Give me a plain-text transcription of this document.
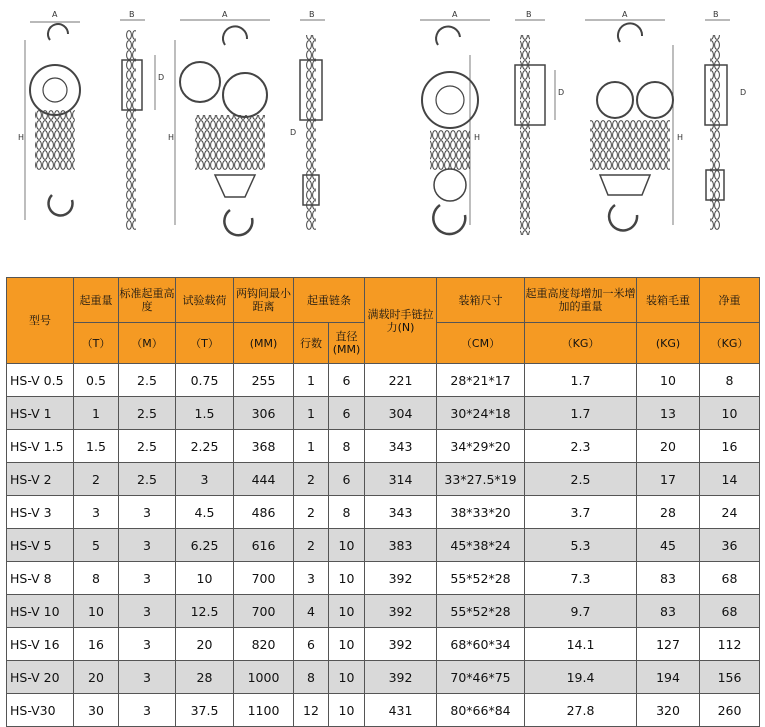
A	B
H
D
A	B
H
D
A	B
H
D
A	B
H
D
型号	起重量	标准起重高度	试验载荷	两钩间最小距离	起重链条		满载时手链拉力(N)	装箱尺寸	起重高度每增加一米增加的重量	装箱毛重	净重
	（T）	（M）	（T）	(MM)	行数	直径(MM)		（CM）	（KG）	(KG)	（KG）
HS-V 0.5	0.5	2.5	0.75	255	1	6	221	28*21*17	1.7	10	8
HS-V 1	1	2.5	1.5	306	1	6	304	30*24*18	1.7	13	10
HS-V 1.5	1.5	2.5	2.25	368	1	8	343	34*29*20	2.3	20	16
HS-V 2	2	2.5	3	444	2	6	314	33*27.5*19	2.5	17	14
HS-V 3	3	3	4.5	486	2	8	343	38*33*20	3.7	28	24
HS-V 5	5	3	6.25	616	2	10	383	45*38*24	5.3	45	36
HS-V 8	8	3	10	700	3	10	392	55*52*28	7.3	83	68
HS-V 10	10	3	12.5	700	4	10	392	55*52*28	9.7	83	68
HS-V 16	16	3	20	820	6	10	392	68*60*34	14.1	127	112
HS-V 20	20	3	28	1000	8	10	392	70*46*75	19.4	194	156
HS-V30	30	3	37.5	1100	12	10	431	80*66*84	27.8	320	260
